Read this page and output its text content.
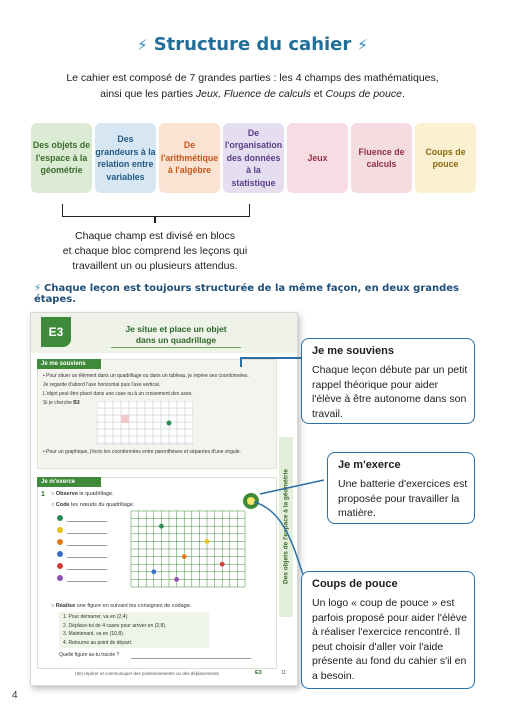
⚡ Structure du cahier ⚡
Le cahier est composé de 7 grandes parties : les 4 champs des mathématiques,
ainsi que les parties Jeux, Fluence de calculs et Coups de pouce.
Des objets de l'espace à la géométrie
Des grandeurs à la relation entre variables
De l'arithmétique à l'algèbre
De l'organisation des données à la statistique
Jeux
Fluence de calculs
Coups de pouce
Chaque champ est divisé en blocs
et chaque bloc comprend les leçons qui
travaillent un ou plusieurs attendus.
⚡ Chaque leçon est toujours structurée de la même façon, en deux grandes étapes.
E3	Je situe et place un objet
dans un quadrillage
Je me souviens
• Pour situer un élément dans un quadrillage ou dans un tableau, je repère ses coordonnées.
Je regarde d'abord l'axe horizontal puis l'axe vertical.
L'objet peut être placé dans une case ou à un croisement des axes.
Si je cherche B3
• Pour un graphique, j'écris les coordonnées entre parenthèses et séparées d'une virgule.
Je m'exerce
1 ○ Observe le quadrillage.
○ Code les nœuds du quadrillage.
○ Réalise une figure en suivant les consignes de codage.
1. Pour démarrer, va en (2,4).
2. Déplace-toi de 4 cases pour arriver en (2,8).
3. Maintenant, va en (10,8).
4. Retourne au point de départ.
Quelle figure as-tu tracée ?
Des objets de l'espace à la géométrie
(3e) repérer et communiquer des positionnements ou des déplacements	E3	11
Je me souviens
Chaque leçon débute par un petit rappel théorique pour aider l'élève à être autonome dans son travail.
Je m'exerce
Une batterie d'exercices est proposée pour travailler la matière.
Coups de pouce
Un logo « coup de pouce » est parfois proposé pour aider l'élève à réaliser l'exercice rencontré. Il peut choisir d'aller voir l'aide présente au fond du cahier s'il en a besoin.
4
